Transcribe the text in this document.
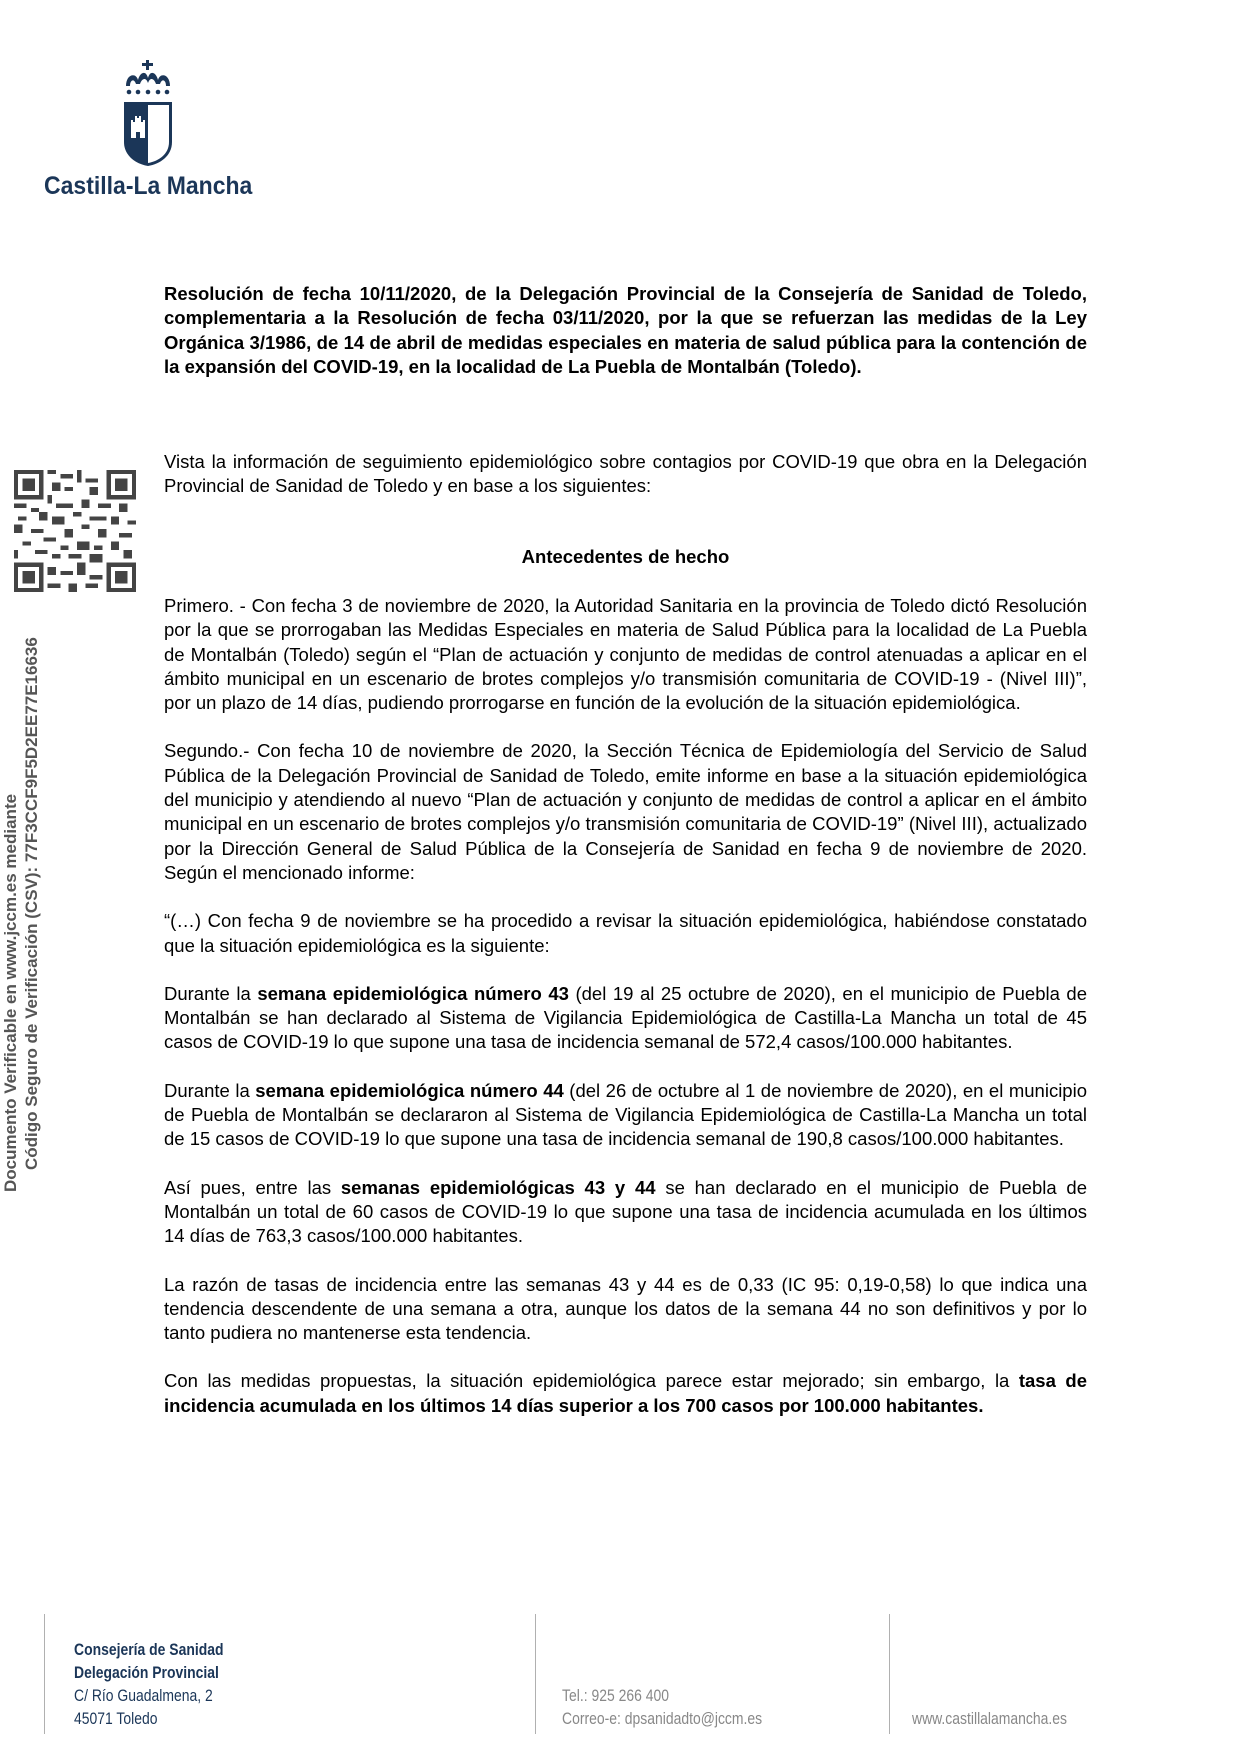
Castilla-La Mancha
Resolución de fecha 10/11/2020, de la Delegación Provincial de la Consejería de Sanidad de Toledo, complementaria a la Resolución de fecha 03/11/2020, por la que se refuerzan las medidas de la Ley Orgánica 3/1986, de 14 de abril de medidas especiales en materia de salud pública para la contención de la expansión del COVID-19, en la localidad de La Puebla de Montalbán (Toledo).
Vista la información de seguimiento epidemiológico sobre contagios por COVID-19 que obra en la Delegación Provincial de Sanidad de Toledo y en base a los siguientes:
Antecedentes de hecho

Primero. - Con fecha 3 de noviembre de 2020, la Autoridad Sanitaria en la provincia de Toledo dictó Resolución por la que se prorrogaban las Medidas Especiales en materia de Salud Pública para la localidad de La Puebla de Montalbán (Toledo) según el “Plan de actuación y conjunto de medidas de control atenuadas a aplicar en el ámbito municipal en un escenario de brotes complejos y/o transmisión comunitaria de COVID-19 - (Nivel III)”, por un plazo de 14 días, pudiendo prorrogarse en función de la evolución de la situación epidemiológica.

Segundo.- Con fecha 10 de noviembre de 2020, la Sección Técnica de Epidemiología del Servicio de Salud Pública de la Delegación Provincial de Sanidad de Toledo, emite informe en base a la situación epidemiológica del municipio y atendiendo al nuevo “Plan de actuación y conjunto de medidas de control a aplicar en el ámbito municipal en un escenario de brotes complejos y/o transmisión comunitaria de COVID-19” (Nivel III), actualizado por la Dirección General de Salud Pública de la Consejería de Sanidad en fecha 9 de noviembre de 2020. Según el mencionado informe:

“(…) Con fecha 9 de noviembre se ha procedido a revisar la situación epidemiológica, habiéndose constatado que la situación epidemiológica es la siguiente:

Durante la semana epidemiológica número 43 (del 19 al 25 octubre de 2020), en el municipio de Puebla de Montalbán se han declarado al Sistema de Vigilancia Epidemiológica de Castilla-La Mancha un total de 45 casos de COVID-19 lo que supone una tasa de incidencia semanal de 572,4 casos/100.000 habitantes.

Durante la semana epidemiológica número 44 (del 26 de octubre al 1 de noviembre de 2020), en el municipio de Puebla de Montalbán se declararon al Sistema de Vigilancia Epidemiológica de Castilla-La Mancha un total de 15 casos de COVID-19 lo que supone una tasa de incidencia semanal de 190,8 casos/100.000 habitantes.

Así pues, entre las semanas epidemiológicas 43 y 44 se han declarado en el municipio de Puebla de Montalbán un total de 60 casos de COVID-19 lo que supone una tasa de incidencia acumulada en los últimos 14 días de 763,3 casos/100.000 habitantes.

La razón de tasas de incidencia entre las semanas 43 y 44 es de 0,33 (IC 95: 0,19-0,58) lo que indica una tendencia descendente de una semana a otra, aunque los datos de la semana 44 no son definitivos y por lo tanto pudiera no mantenerse esta tendencia.

Con las medidas propuestas, la situación epidemiológica parece estar mejorado; sin embargo, la tasa de incidencia acumulada en los últimos 14 días superior a los 700 casos por 100.000 habitantes.

Documento Verificable en www.jccm.es mediante Código Seguro de Verificación (CSV): 77F3CCF9F5D2EE77E16636
Consejería de Sanidad
Delegación Provincial
C/ Río Guadalmena, 2
45071 Toledo
Tel.: 925 266 400
Correo-e: dpsanidadto@jccm.es	www.castillalamancha.es
